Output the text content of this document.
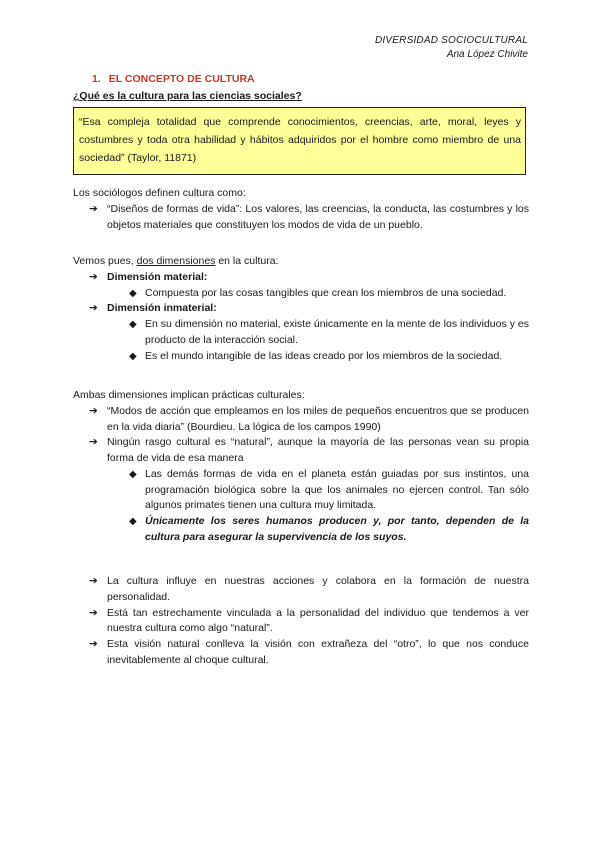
DIVERSIDAD SOCIOCULTURAL
Ana López Chivite
1. EL CONCEPTO DE CULTURA
¿Qué es la cultura para las ciencias sociales?
“Esa compleja totalidad que comprende conocimientos, creencias, arte, moral, leyes y costumbres y toda otra habilidad y hábitos adquiridos por el hombre como miembro de una sociedad” (Taylor, 11871)

Los sociólogos definen cultura como:

➔ “Diseños de formas de vida”: Los valores, las creencias, la conducta, las costumbres y los objetos materiales que constituyen los modos de vida de un pueblo.

Vemos pues, dos dimensiones en la cultura:

➔ Dimensión material:

◆ Compuesta por las cosas tangibles que crean los miembros de una sociedad.

➔ Dimensión inmaterial:

◆ En su dimensión no material, existe únicamente en la mente de los individuos y es producto de la interacción social.

◆ Es el mundo intangible de las ideas creado por los miembros de la sociedad.

Ambas dimensiones implican prácticas culturales:

➔ “Modos de acción que empleamos en los miles de pequeños encuentros que se producen en la vida diaria” (Bourdieu. La lógica de los campos 1990)

➔ Ningún rasgo cultural es “natural”, aunque la mayoría de las personas vean su propia forma de vida de esa manera

◆ Las demás formas de vida en el planeta están guiadas por sus instintos, una programación biológica sobre la que los animales no ejercen control. Tan sólo algunos primates tienen una cultura muy limitada.

◆ Únicamente los seres humanos producen y, por tanto, dependen de la cultura para asegurar la supervivencia de los suyos.

➔ La cultura influye en nuestras acciones y colabora en la formación de nuestra personalidad.

➔ Está tan estrechamente vinculada a la personalidad del individuo que tendemos a ver nuestra cultura como algo “natural”.

➔ Esta visión natural conlleva la visión con extrañeza del “otro”, lo que nos conduce inevitablemente al choque cultural.
